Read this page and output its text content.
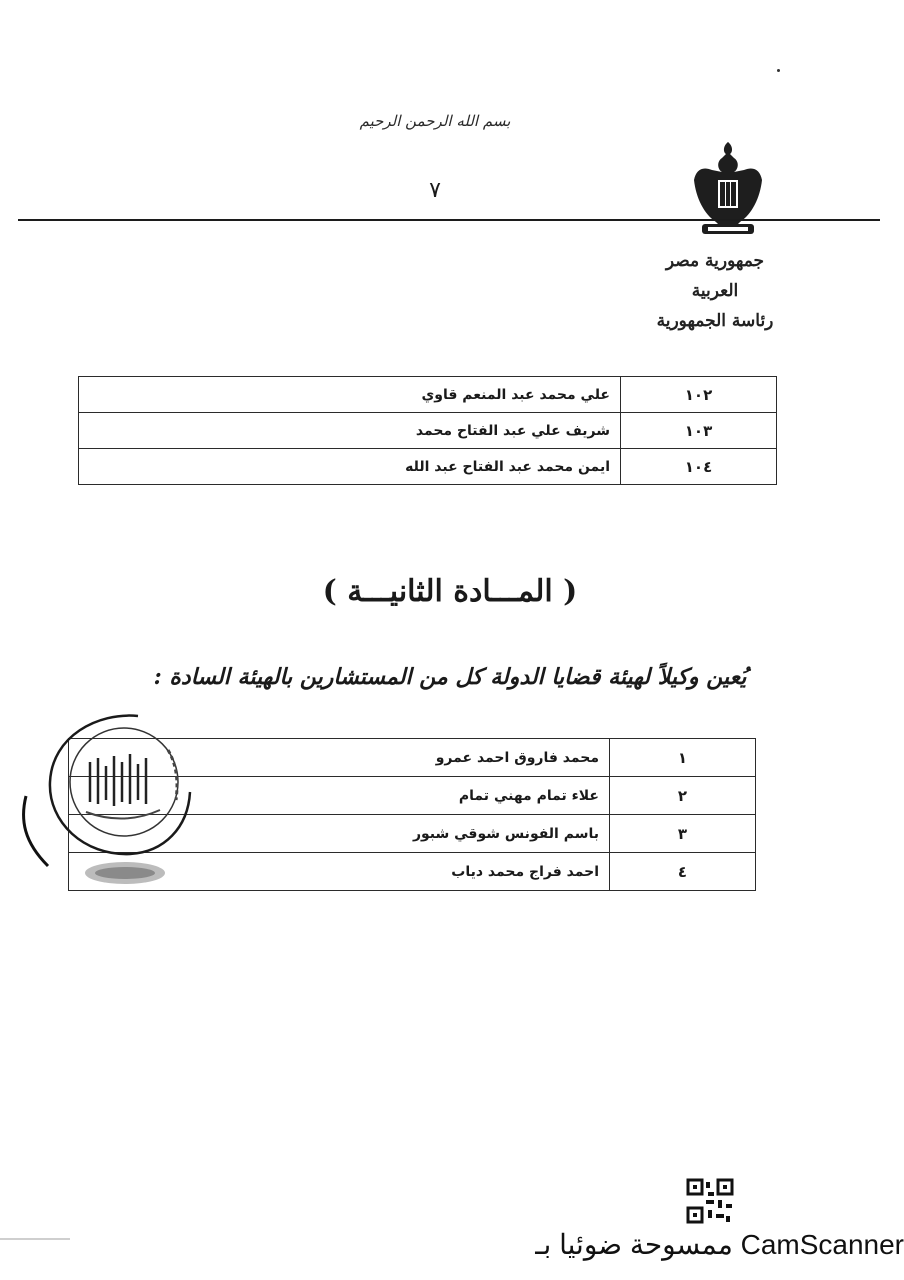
بسم الله الرحمن الرحيم
٧
جمهورية مصر العربية
رئاسة الجمهورية
١٠٢	علي محمد عبد المنعم قاوي
١٠٣	شريف علي عبد الفتاح محمد
١٠٤	ايمن محمد عبد الفتاح عبد الله
( المـــادة الثانيـــة )
يُعين وكيلاً لهيئة قضايا الدولة كل من المستشارين بالهيئة السادة :
١	محمد فاروق احمد عمرو
٢	علاء تمام مهني تمام
٣	باسم الفونس شوقي شبور
٤	احمد فراج محمد دياب
CamScanner ممسوحة ضوئيا بـ
